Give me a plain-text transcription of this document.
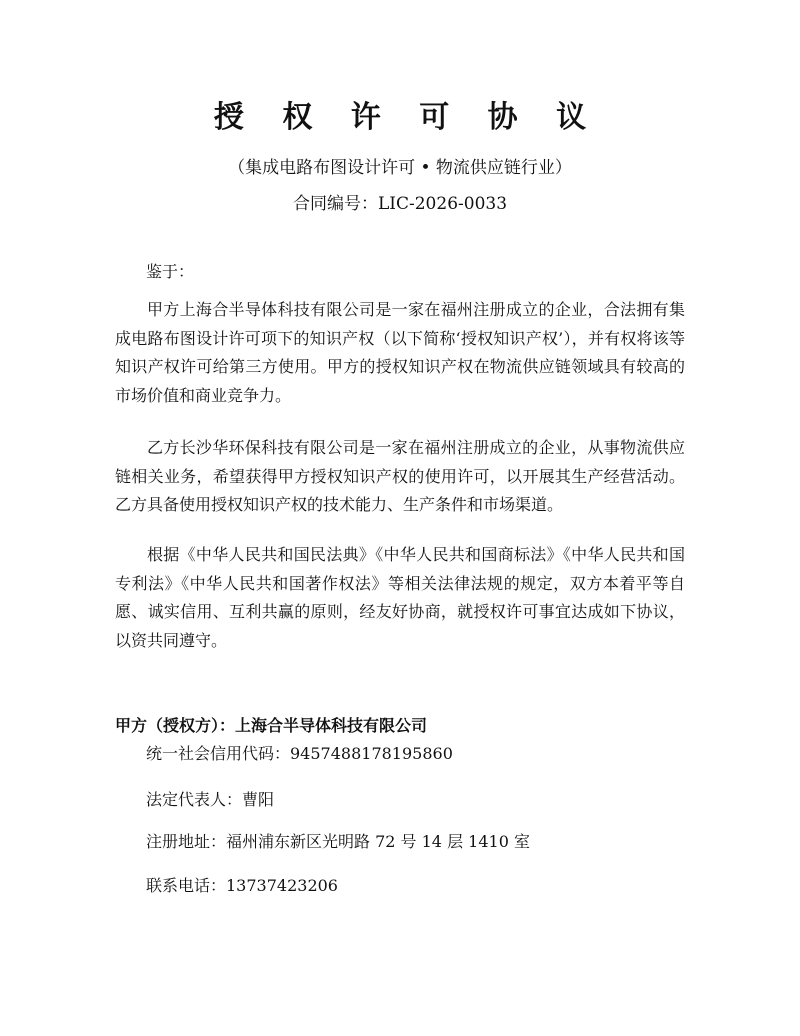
授 权 许 可 协 议
（集成电路布图设计许可 • 物流供应链行业）
合同编号：LIC-2026-0033
鉴于：

甲方上海合半导体科技有限公司是一家在福州注册成立的企业，合法拥有集成电路布图设计许可项下的知识产权（以下简称‘授权知识产权’），并有权将该等知识产权许可给第三方使用。甲方的授权知识产权在物流供应链领域具有较高的市场价值和商业竞争力。

乙方长沙华环保科技有限公司是一家在福州注册成立的企业，从事物流供应链相关业务，希望获得甲方授权知识产权的使用许可，以开展其生产经营活动。乙方具备使用授权知识产权的技术能力、生产条件和市场渠道。

根据《中华人民共和国民法典》《中华人民共和国商标法》《中华人民共和国专利法》《中华人民共和国著作权法》等相关法律法规的规定，双方本着平等自愿、诚实信用、互利共赢的原则，经友好协商，就授权许可事宜达成如下协议，以资共同遵守。

甲方（授权方）：上海合半导体科技有限公司
统一社会信用代码：9457488178195860
法定代表人：曹阳
注册地址：福州浦东新区光明路 72 号 14 层 1410 室
联系电话：13737423206
